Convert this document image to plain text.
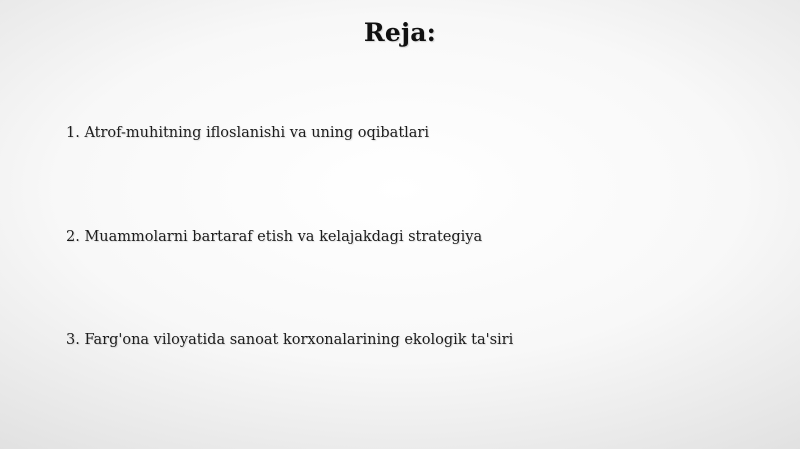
Reja:
1. Atrof-muhitning ifloslanishi va uning oqibatlari
2. Muammolarni bartaraf etish va kelajakdagi strategiya
3. Farg'ona viloyatida sanoat korxonalarining ekologik ta'siri
